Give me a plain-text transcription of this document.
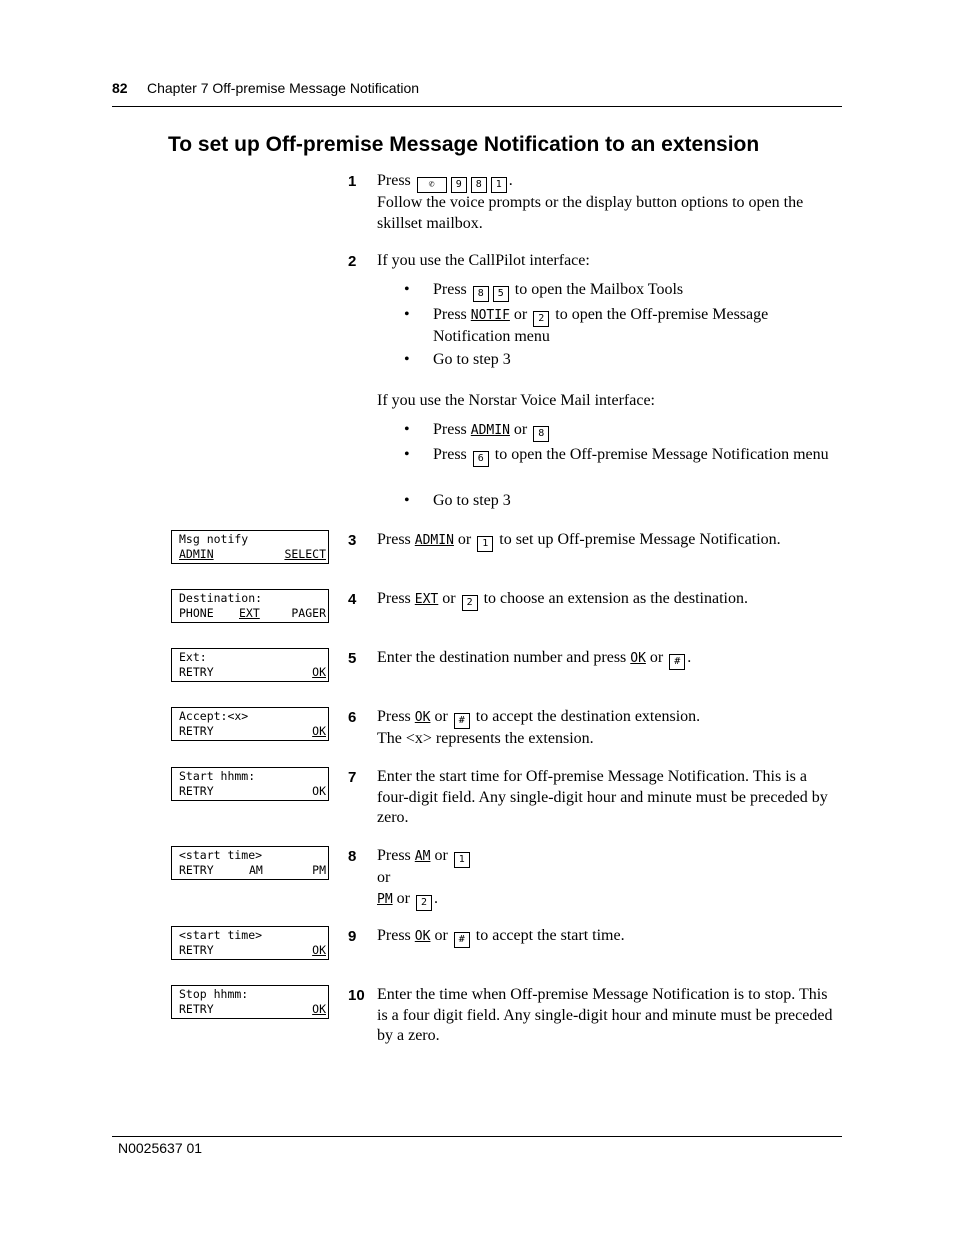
82 Chapter 7 Off-premise Message Notification
To set up Off-premise Message Notification to an extension
1 Press ✆ 9 8 1 .
Follow the voice prompts or the display button options to open the skillset mailbox.
2 If you use the CallPilot interface:
• Press 8 5 to open the Mailbox Tools
• Press NOTIF or 2 to open the Off-premise Message Notification menu
• Go to step 3
If you use the Norstar Voice Mail interface:
• Press ADMIN or 8
• Press 6 to open the Off-premise Message Notification menu
• Go to step 3
Msg notify
ADMIN	SELECT
3 Press ADMIN or 1 to set up Off-premise Message Notification.
Destination:
PHONE EXT	PAGER
4 Press EXT or 2 to choose an extension as the destination.
Ext:
RETRY	OK
5 Enter the destination number and press OK or # .
Accept:<x>
RETRY	OK
6 Press OK or # to accept the destination extension.
The <x> represents the extension.
Start hhmm:
RETRY	OK
7 Enter the start time for Off-premise Message Notification. This is a four-digit field. Any single-digit hour and minute must be preceded by zero.
<start time>
RETRY	AM	PM
8 Press AM or 1
or
PM or 2 .
<start time>
RETRY	OK
9 Press OK or # to accept the start time.
Stop hhmm:
RETRY	OK
10 Enter the time when Off-premise Message Notification is to stop. This is a four digit field. Any single-digit hour and minute must be preceded by a zero.
N0025637 01
